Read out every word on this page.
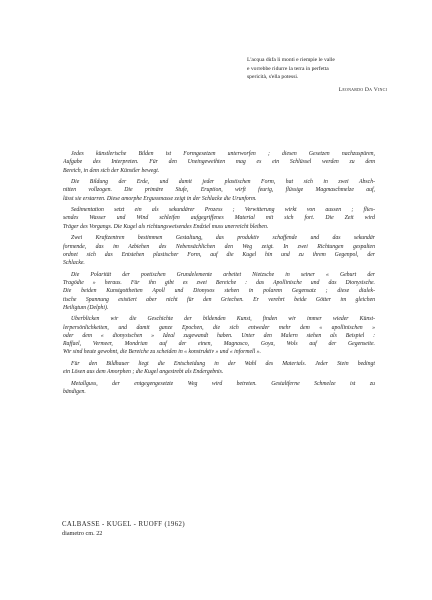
L'acqua dùfa li monti e riempie le valle
e vorrebbe ridurre la terra in perfetta
spericità, s'ella potessi.
Leonardo Da Vinci
Jedes künstlerische Bilden ist Formgesetzen unterworfen ; diesen Gesetzen nachzuspüren,
Aufgabe des Interpreten. Für den Uneingeweihten mag es ein Schlüssel werden zu dem
Bereich, in dem sich der Künstler bewegt.
Die Bildung der Erde, und damit jeder plastischen Form, hat sich in zwei Absch-
nitten vollzogen. Die primäre Stufe, Eruption, wirft feurig, flüssige Magmaschmelze auf,
lässt sie erstarren. Diese amorphe Ergussmasse zeigt in der Schlacke die Urunform.
Sedimentation setzt ein als sekundärer Prozess ; Verwitterung wirkt von aussen ; flies-
sendes Wasser und Wind schleifen aufgegriffenes Material mit sich fort. Die Zeit wird
Träger des Vorgangs. Die Kugel als richtungsweisendes Endziel muss unerreicht bleiben.
Zwei Kraftzentren bestimmen Gestaltung, das produktiv schaffende und das sekundär
formende, das im Azbiehen des Nebensächlichen den Weg zeigt. In zwei Richtungen gespalten
ordnet sich das Entstehen plastischer Form, auf die Kugel hin und zu ihrem Gegenpol, der
Schlacke.
Die Polarität der poetischen Grundelemente arbeitet Nietzsche in seiner « Geburt der
Tragödie » heraus. Für ihn gibt es zwei Bereiche : das Apollinische und das Dionysische.
Die beiden Kunstgottheiten Apoll und Dionysos stehen in polarem Gegensatz ; diese dialek-
tische Spannung existiert aber nicht für den Griechen. Er verehrt beide Götter im gleichen
Heiligtum (Delphi).
Überblicken wir die Geschichte der bildenden Kunst, finden wir immer wieder Künst-
lerpersönlichkeiten, und damit ganze Epochen, die sich entweder mehr dem « apollinischen »
oder dem « dionysischen » Ideal zugewandt haben. Unter den Malern stehen als Beispiel :
Raffael, Vermeer, Mondrian auf der einen, Magnasco, Goya, Wols auf der Gegenseite.
Wir sind heute gewohnt, die Bereiche zu scheiden in « konstruktiv » und « informell ».
Für den Bildhauer liegt die Entscheidung in der Wahl des Materials. Jeder Stein bedingt
ein Lösen aus dem Amorphen ; die Kugel angestrebt als Endergebnis.
Metallguss, der entgegengesetzte Weg wird betreten. Gestaltferne Schmelze ist zu
bändigen.
CALBASSE - KUGEL - RUOFF (1962)
diametro cm. 22
